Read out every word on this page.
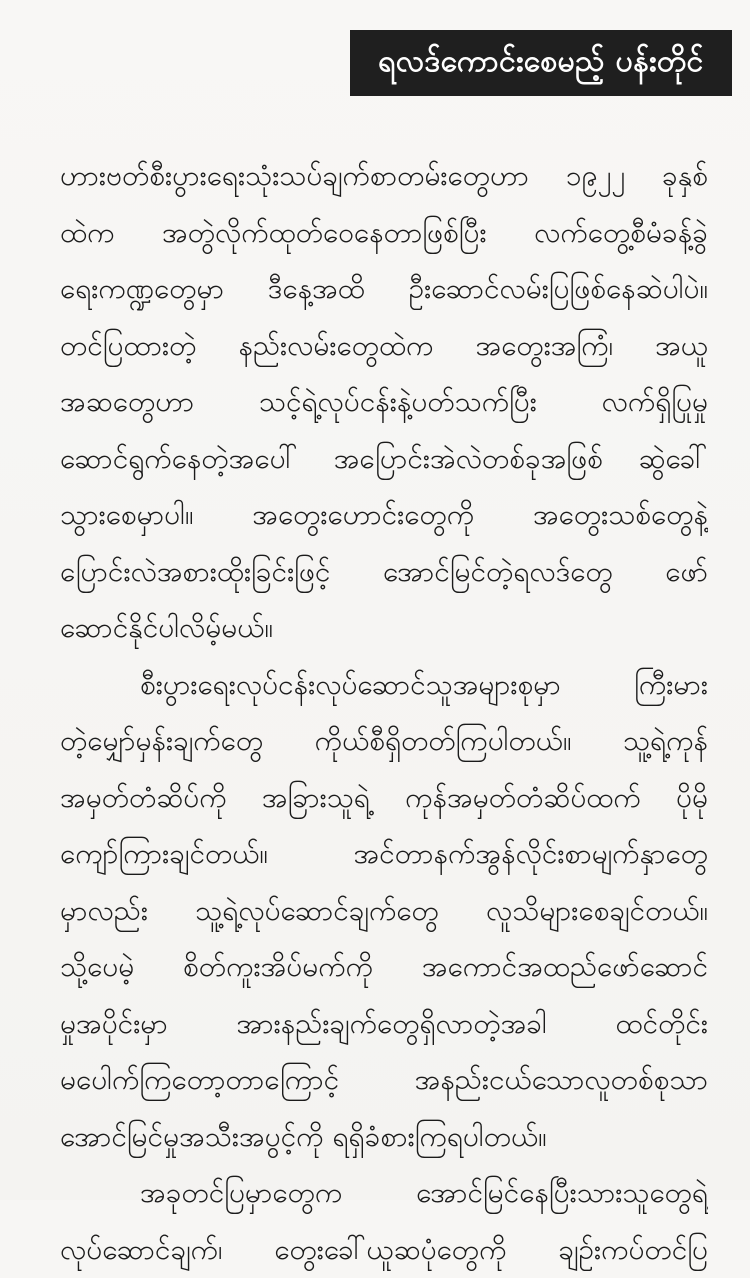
ရလဒ်ကောင်းစေမည့် ပန်းတိုင်
ဟားဗတ်စီးပွားရေးသုံးသပ်ချက်စာတမ်းတွေဟာ ၁၉၂၂ ခုနှစ်
ထဲက အတွဲလိုက်ထုတ်ဝေနေတာဖြစ်ပြီး လက်တွေ့စီမံခန့်ခွဲ
ရေးကဏ္ဍတွေမှာ ဒီနေ့အထိ ဦးဆောင်လမ်းပြဖြစ်နေဆဲပါပဲ။
တင်ပြထားတဲ့ နည်းလမ်းတွေထဲက အတွေးအကြံ၊ အယူ
အဆတွေဟာ သင့်ရဲ့လုပ်ငန်းနဲ့ပတ်သက်ပြီး လက်ရှိပြုမှု
ဆောင်ရွက်နေတဲ့အပေါ် အပြောင်းအဲလဲတစ်ခုအဖြစ် ဆွဲခေါ်
သွားစေမှာပါ။ အတွေးဟောင်းတွေကို အတွေးသစ်တွေနဲ့
ပြောင်းလဲအစားထိုးခြင်းဖြင့် အောင်မြင်တဲ့ရလဒ်တွေ ဖော်
ဆောင်နိုင်ပါလိမ့်မယ်။
စီးပွားရေးလုပ်ငန်းလုပ်ဆောင်သူအများစုမှာ ကြီးမား
တဲ့မျှော်မှန်းချက်တွေ ကိုယ်စီရှိတတ်ကြပါတယ်။ သူ့ရဲ့ကုန်
အမှတ်တံဆိပ်ကို အခြားသူရဲ့ ကုန်အမှတ်တံဆိပ်ထက် ပိုမို
ကျော်ကြားချင်တယ်။ အင်တာနက်အွန်လိုင်းစာမျက်နှာတွေ
မှာလည်း သူ့ရဲ့လုပ်ဆောင်ချက်တွေ လူသိများစေချင်တယ်။
သို့ပေမဲ့ စိတ်ကူးအိပ်မက်ကို အကောင်အထည်ဖော်ဆောင်
မှုအပိုင်းမှာ အားနည်းချက်တွေရှိလာတဲ့အခါ ထင်တိုင်း
မပေါက်ကြတော့တာကြောင့် အနည်းငယ်သောလူတစ်စုသာ
အောင်မြင်မှုအသီးအပွင့်ကို ရရှိခံစားကြရပါတယ်။
အခုတင်ပြမှာတွေက အောင်မြင်နေပြီးသားသူတွေရဲ့
လုပ်ဆောင်ချက်၊ တွေးခေါ်ယူဆပုံတွေကို ချဉ်းကပ်တင်ပြ
